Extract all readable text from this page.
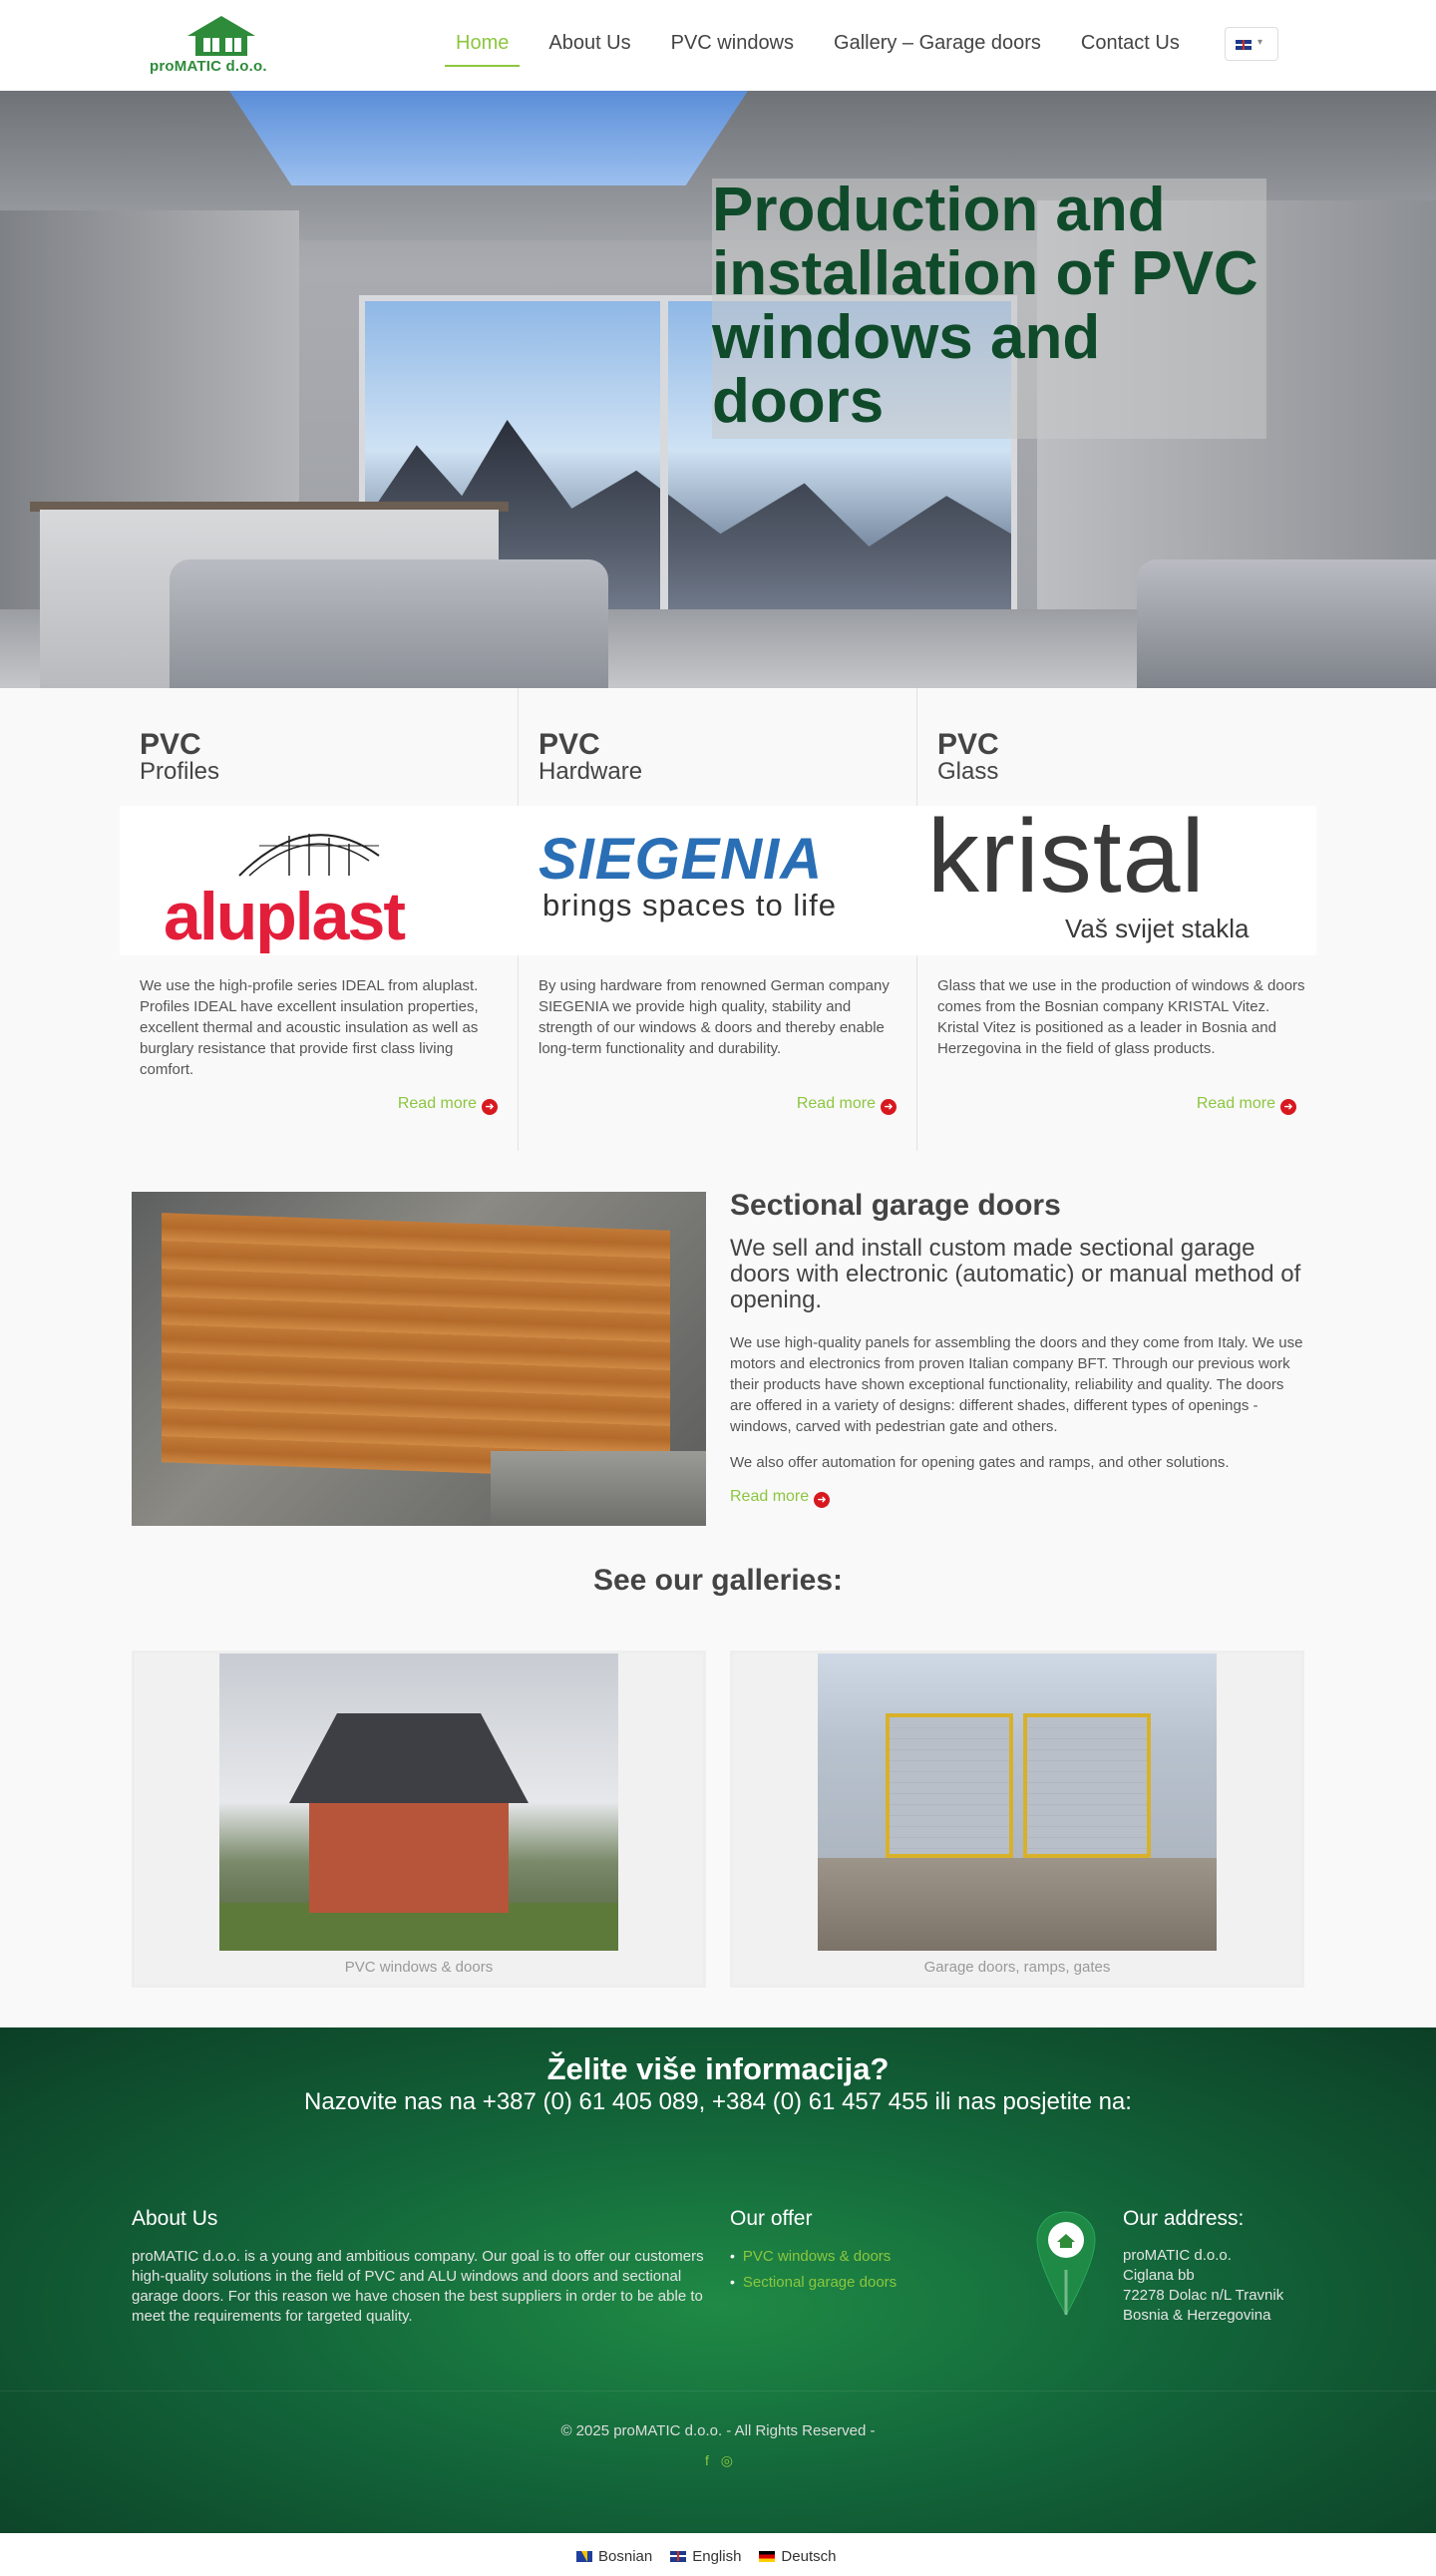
proMATIC d.o.o.
Home	About Us	PVC windows	Gallery – Garage doors	Contact Us	▾
Production and installation of PVC windows and doors
PVC
Profiles
aluplast
We use the high-profile series IDEAL from aluplast. Profiles IDEAL have excellent insulation properties, excellent thermal and acoustic insulation as well as burglary resistance that provide first class living comfort.
Read more ➜
PVC
Hardware
SIEGENIA
brings spaces to life
By using hardware from renowned German company SIEGENIA we provide high quality, stability and strength of our windows & doors and thereby enable long-term functionality and durability.
Read more ➜
PVC
Glass
kristal
Vaš svijet stakla
Glass that we use in the production of windows & doors comes from the Bosnian company KRISTAL Vitez. Kristal Vitez is positioned as a leader in Bosnia and Herzegovina in the field of glass products.
Read more ➜
Sectional garage doors
We sell and install custom made sectional garage doors with electronic (automatic) or manual method of opening.
We use high-quality panels for assembling the doors and they come from Italy. We use motors and electronics from proven Italian company BFT. Through our previous work their products have shown exceptional functionality, reliability and quality. The doors are offered in a variety of designs: different shades, different types of openings - windows, carved with pedestrian gate and others.
We also offer automation for opening gates and ramps, and other solutions.
Read more ➜
See our galleries:
PVC windows & doors	Garage doors, ramps, gates
Želite više informacija?
Nazovite nas na +387 (0) 61 405 089, +384 (0) 61 457 455 ili nas posjetite na:
About Us
proMATIC d.o.o. is a young and ambitious company. Our goal is to offer our customers high-quality solutions in the field of PVC and ALU windows and doors and sectional garage doors. For this reason we have chosen the best suppliers in order to be able to meet the requirements for targeted quality.
Our offer
• PVC windows & doors
• Sectional garage doors
Our address:
proMATIC d.o.o.
Ciglana bb
72278 Dolac n/L Travnik
Bosnia & Herzegovina
© 2025 proMATIC d.o.o. - All Rights Reserved -
f ◎
Bosnian	English	Deutsch
